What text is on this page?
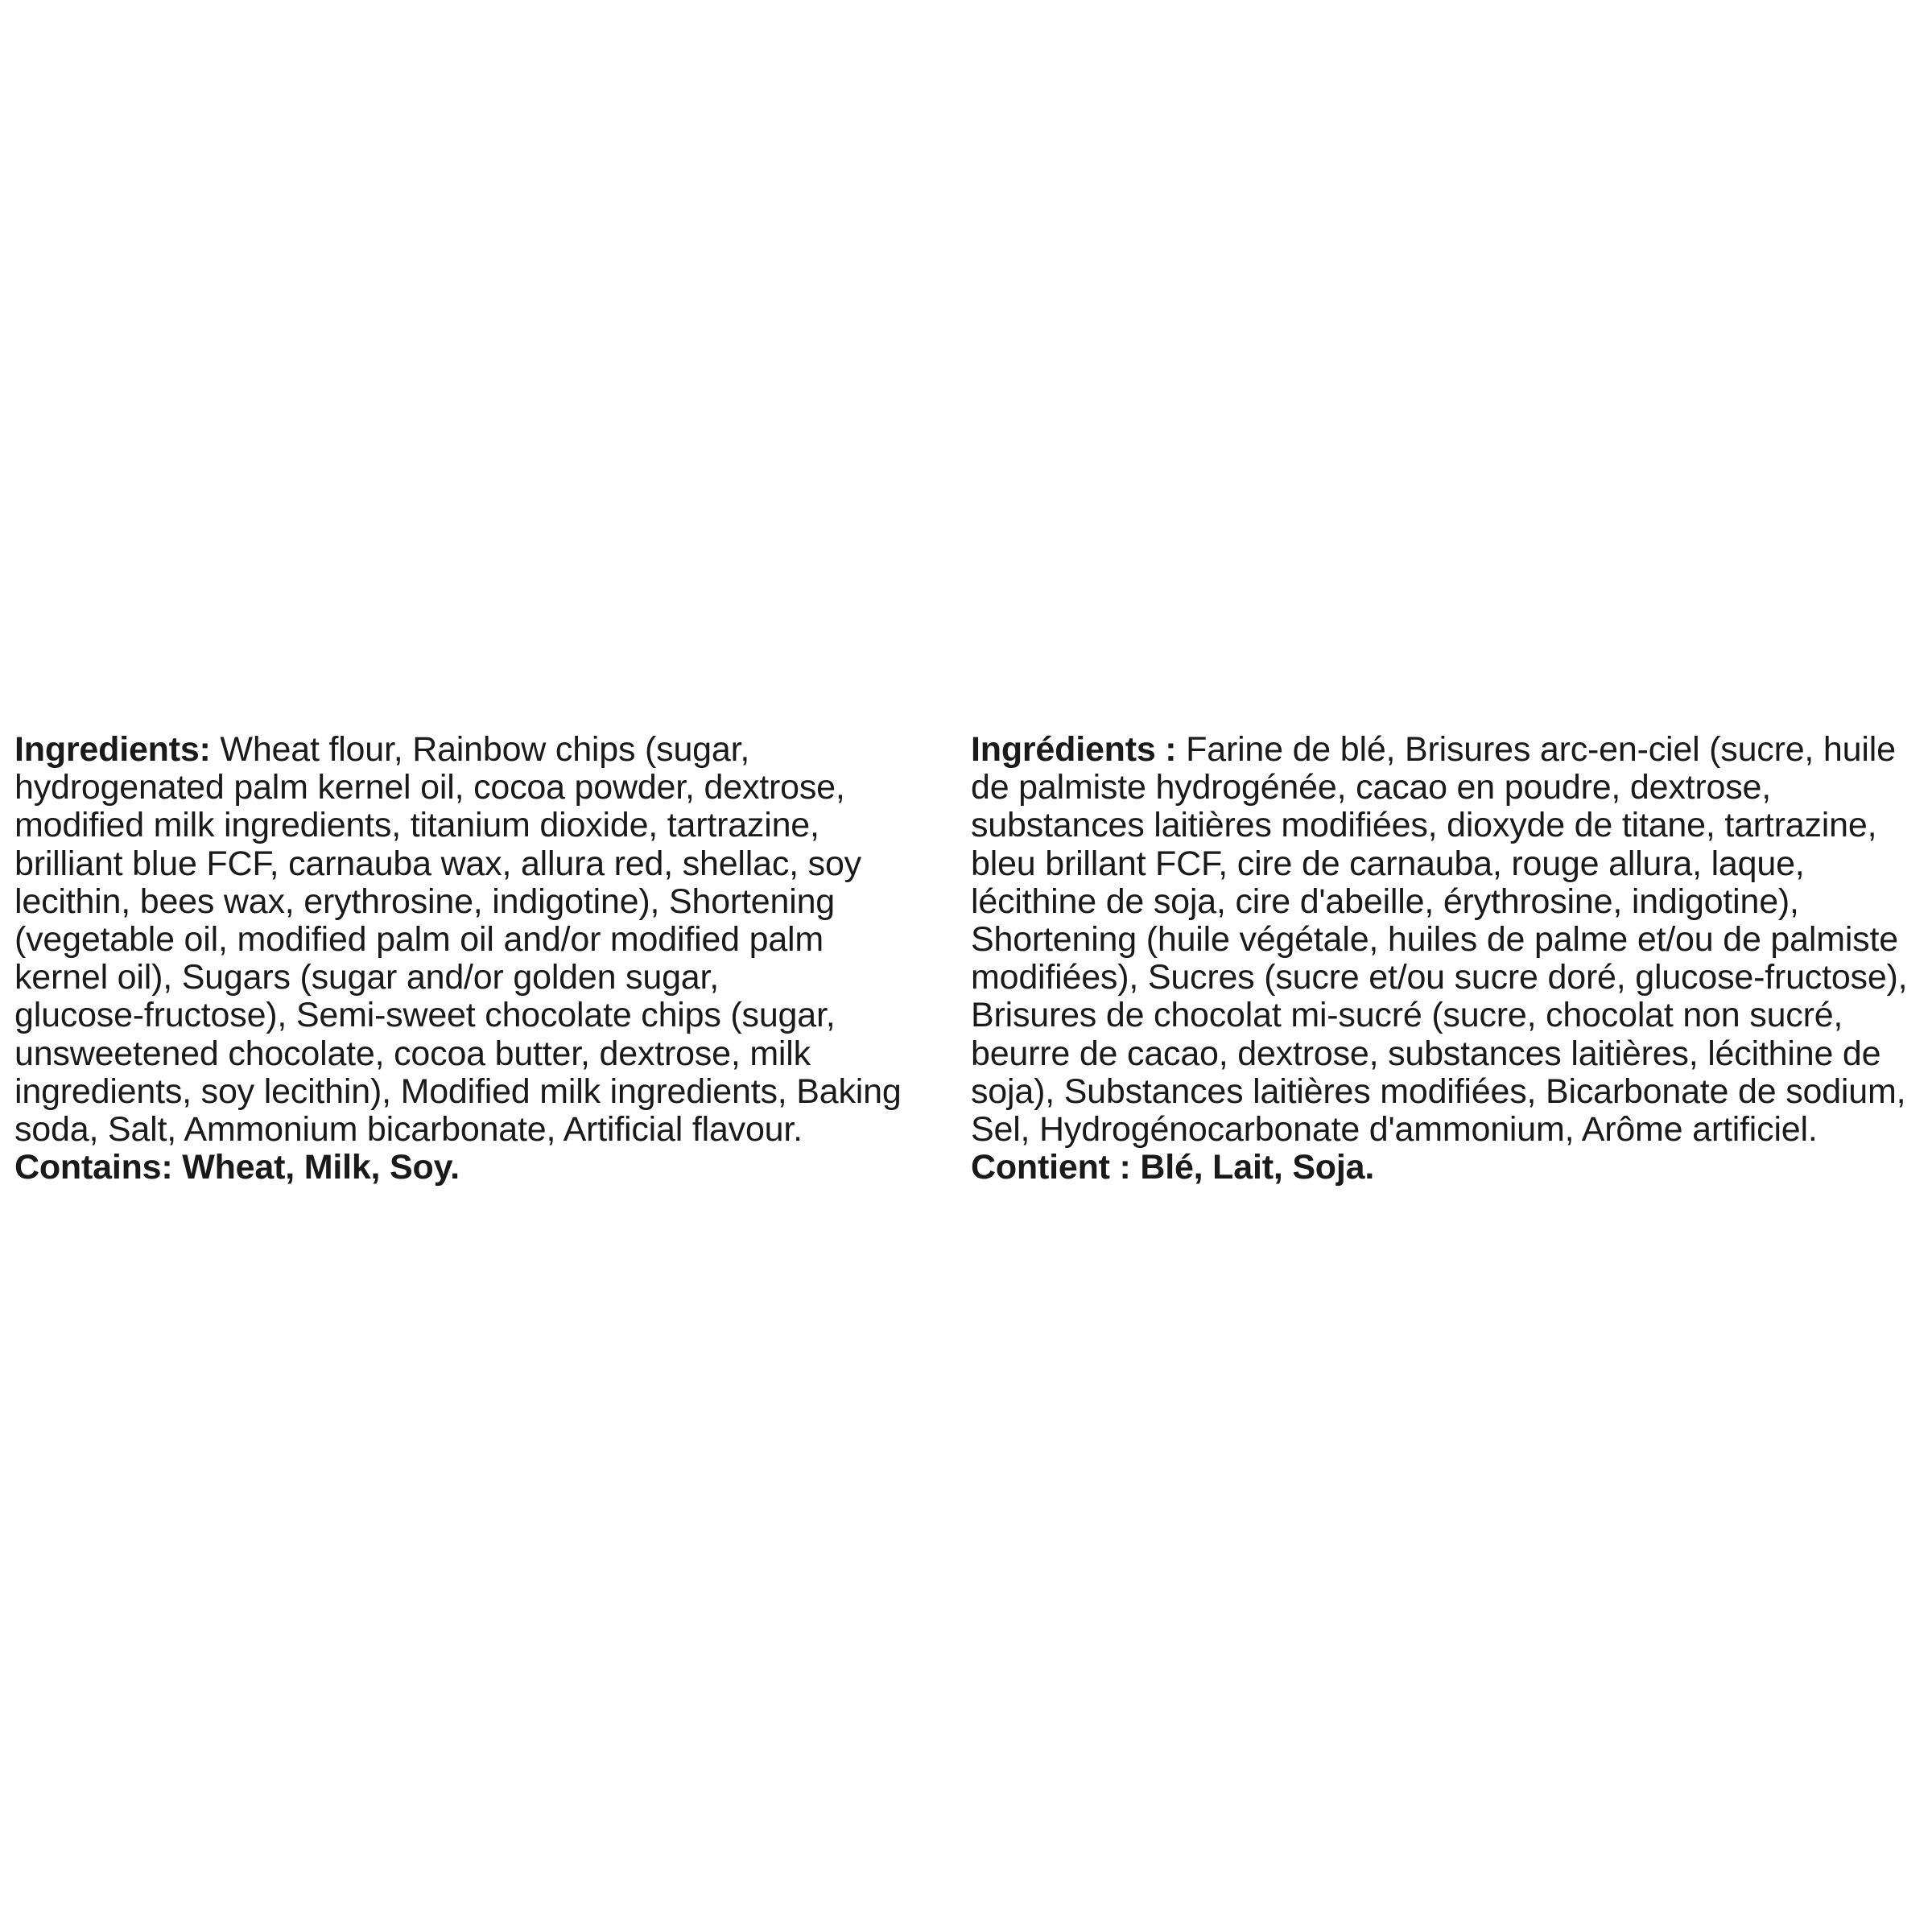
Ingredients: Wheat flour, Rainbow chips (sugar,
hydrogenated palm kernel oil, cocoa powder, dextrose,
modified milk ingredients, titanium dioxide, tartrazine,
brilliant blue FCF, carnauba wax, allura red, shellac, soy
lecithin, bees wax, erythrosine, indigotine), Shortening
(vegetable oil, modified palm oil and/or modified palm
kernel oil), Sugars (sugar and/or golden sugar,
glucose-fructose), Semi-sweet chocolate chips (sugar,
unsweetened chocolate, cocoa butter, dextrose, milk
ingredients, soy lecithin), Modified milk ingredients, Baking
soda, Salt, Ammonium bicarbonate, Artificial flavour.
Contains: Wheat, Milk, Soy.
Ingrédients : Farine de blé, Brisures arc-en-ciel (sucre, huile
de palmiste hydrogénée, cacao en poudre, dextrose,
substances laitières modifiées, dioxyde de titane, tartrazine,
bleu brillant FCF, cire de carnauba, rouge allura, laque,
lécithine de soja, cire d'abeille, érythrosine, indigotine),
Shortening (huile végétale, huiles de palme et/ou de palmiste
modifiées), Sucres (sucre et/ou sucre doré, glucose-fructose),
Brisures de chocolat mi-sucré (sucre, chocolat non sucré,
beurre de cacao, dextrose, substances laitières, lécithine de
soja), Substances laitières modifiées, Bicarbonate de sodium,
Sel, Hydrogénocarbonate d'ammonium, Arôme artificiel.
Contient : Blé, Lait, Soja.
